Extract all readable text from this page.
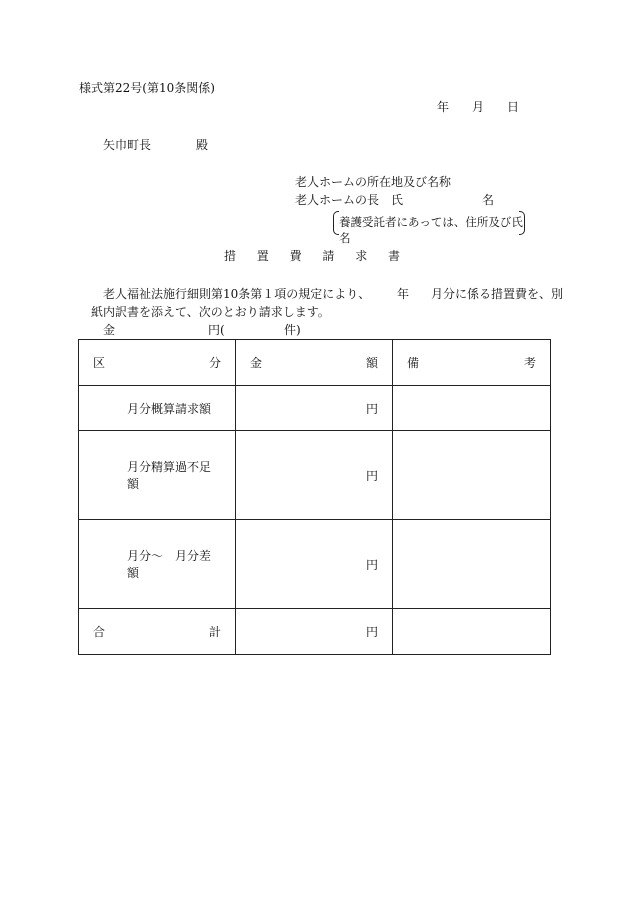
様式第22号(第10条関係)
年 月 日
矢巾町長	殿
老人ホームの所在地及び名称
老人ホームの長　氏	名
養護受託者にあっては、住所及び氏名
措 置 費 請 求 書
老人福祉法施行細則第10条第１項の規定により、 年 月分に係る措置費を、別
紙内訳書を添えて、次のとおり請求します。
金	円(	件)
区 分	金 額	備 考

月分概算請求額	円	
月分精算過不足額	円	
月分～　月分差額	円	

合 計	円	
